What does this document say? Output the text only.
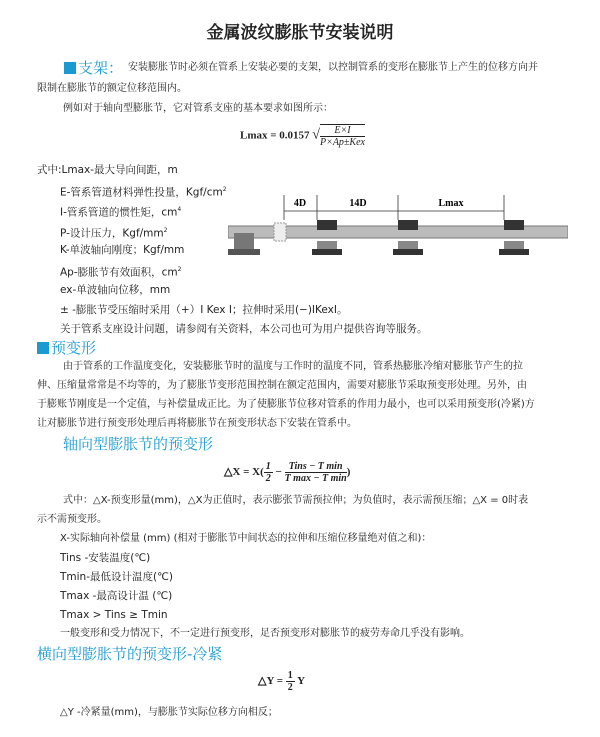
金属波纹膨胀节安装说明
支架： 安装膨胀节时必须在管系上安装必要的支架，以控制管系的变形在膨胀节上产生的位移方向并
限制在膨胀节的额定位移范围内。
例如对于轴向型膨胀节，它对管系支座的基本要求如图所示：
Lmax = 0.0157 √	E×I
P×Ap±Kex
式中:Lmax-最大导向间距，m
E-管系管道材料弹性投量，Kgf/$cm^2$
I-管系管道的惯性矩，$cm^4$
P-设计压力，Kgf/$mm^2$
K-单波轴向刚度；Kgf/mm
Ap-膨胀节有效面积，$cm^2$
ex-单波轴向位移，mm
± -膨胀节受压缩时采用（+）I Kex I；拉伸时采用(−)IKexI。
关于管系支座设计问题，请参阅有关资料，本公司也可为用户提供咨询等服务。
4D	14D	Lmax
预变形
由于管系的工作温度变化，安装膨胀节时的温度与工作时的温度不同，管系热膨胀冷缩对膨胀节产生的拉
伸、压缩量常常是不均等的，为了膨胀节变形范围控制在额定范围内，需要对膨胀节采取预变形处理。另外，由
于膨账节刚度是一个定值，与补偿量成正比。为了使膨胀节位移对管系的作用力最小，也可以采用预变形(冷紧)方
让对膨胀节进行预变形处理后再将膨胀节在预变形状态下安装在管系中。
轴向型膨胀节的预变形
△X = $X( \frac{1}{2}$ − Tins − T min
T max − T min
)
式中：△X-预变形量(mm)，△X为正值时，表示膨张节需预拉伸；为负值时，表示需预压缩；△X = 0时表
示不需预变形。
X-实际轴向补偿量 (mm) (相对于膨胀节中间状态的拉伸和压缩位移量绝对值之和)：
Tins -安装温度(℃)
Tmin-最低设计温度(℃)
Tmax -最高设计温 (℃)
Tmax > Tins ≥ Tmin
一般变形和受力情况下，不一定进行预变形，足否预变形对膨胀节的疲劳寿命几乎没有影响。
横向型膨胀节的预变形-冷紧
△Y = $\frac{1}{2}$ Y
△Y -冷紧量(mm)，与膨胀节实际位移方向相反；
